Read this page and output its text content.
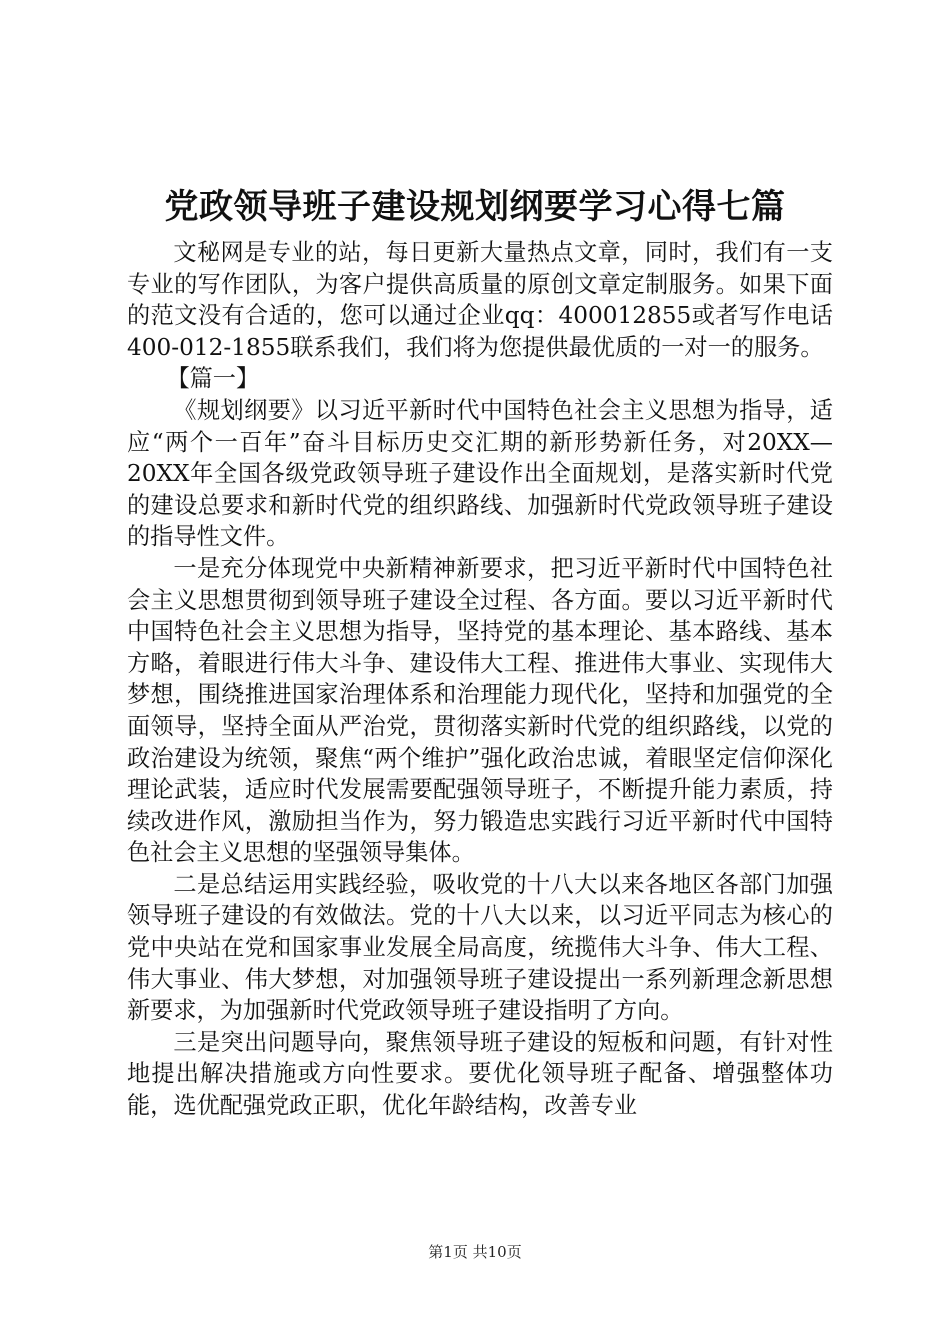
党政领导班子建设规划纲要学习心得七篇

文秘网是专业的站，每日更新大量热点文章，同时，我们有一支专业的写作团队，为客户提供高质量的原创文章定制服务。如果下面的范文没有合适的，您可以通过企业qq：400012855或者写作电话400-012-1855联系我们，我们将为您提供最优质的一对一的服务。

【篇一】

《规划纲要》以习近平新时代中国特色社会主义思想为指导，适应“两个一百年”奋斗目标历史交汇期的新形势新任务，对20XX—20XX年全国各级党政领导班子建设作出全面规划，是落实新时代党的建设总要求和新时代党的组织路线、加强新时代党政领导班子建设的指导性文件。

一是充分体现党中央新精神新要求，把习近平新时代中国特色社会主义思想贯彻到领导班子建设全过程、各方面。要以习近平新时代中国特色社会主义思想为指导，坚持党的基本理论、基本路线、基本方略，着眼进行伟大斗争、建设伟大工程、推进伟大事业、实现伟大梦想，围绕推进国家治理体系和治理能力现代化，坚持和加强党的全面领导，坚持全面从严治党，贯彻落实新时代党的组织路线，以党的政治建设为统领，聚焦“两个维护”强化政治忠诚，着眼坚定信仰深化理论武装，适应时代发展需要配强领导班子，不断提升能力素质，持续改进作风，激励担当作为，努力锻造忠实践行习近平新时代中国特色社会主义思想的坚强领导集体。

二是总结运用实践经验，吸收党的十八大以来各地区各部门加强领导班子建设的有效做法。党的十八大以来，以习近平同志为核心的党中央站在党和国家事业发展全局高度，统揽伟大斗争、伟大工程、伟大事业、伟大梦想，对加强领导班子建设提出一系列新理念新思想新要求，为加强新时代党政领导班子建设指明了方向。

三是突出问题导向，聚焦领导班子建设的短板和问题，有针对性地提出解决措施或方向性要求。要优化领导班子配备、增强整体功能，选优配强党政正职，优化年龄结构，改善专业

第1页 共10页
